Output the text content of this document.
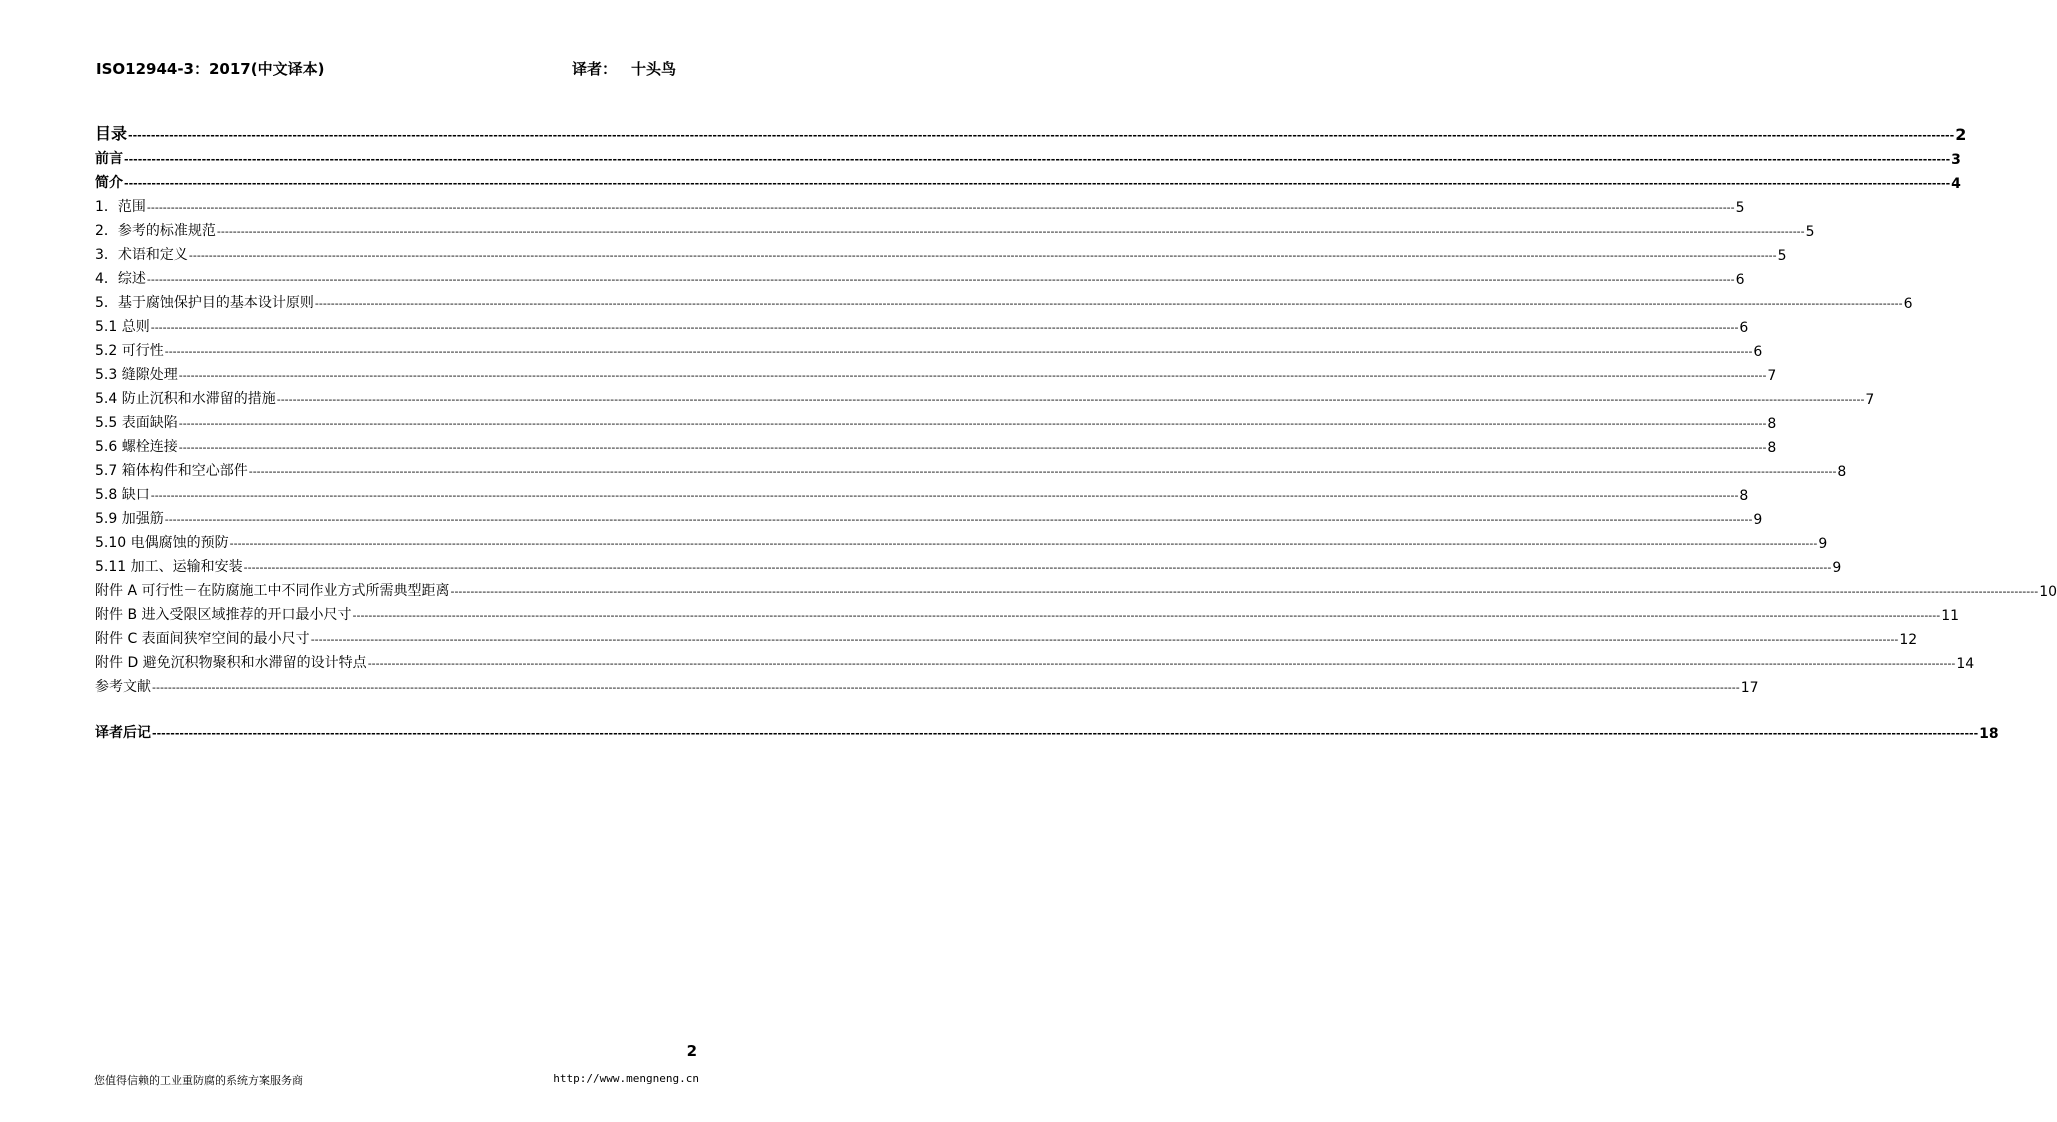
ISO12944-3：2017(中文译本)	译者： 十头鸟
目录 ---------------------------------------------------------------------------------------------------------------------------------------------------------------------------------------------------------------------------------------------------------------------------------------------------------------------------------------------------------------------------------------------------------------- 2
前言 ---------------------------------------------------------------------------------------------------------------------------------------------------------------------------------------------------------------------------------------------------------------------------------------------------------------------------------------------------------------------------------------------------------------- 3
简介 ---------------------------------------------------------------------------------------------------------------------------------------------------------------------------------------------------------------------------------------------------------------------------------------------------------------------------------------------------------------------------------------------------------------- 4
1．范围 ---------------------------------------------------------------------------------------------------------------------------------------------------------------------------------------------------------------------------------------------------------------------------------------------------------------------------------------------------------------------------------------------------------------- 5
2．参考的标准规范 ---------------------------------------------------------------------------------------------------------------------------------------------------------------------------------------------------------------------------------------------------------------------------------------------------------------------------------------------------------------------------------------------------------------- 5
3．术语和定义 ---------------------------------------------------------------------------------------------------------------------------------------------------------------------------------------------------------------------------------------------------------------------------------------------------------------------------------------------------------------------------------------------------------------- 5
4．综述 ---------------------------------------------------------------------------------------------------------------------------------------------------------------------------------------------------------------------------------------------------------------------------------------------------------------------------------------------------------------------------------------------------------------- 6
5．基于腐蚀保护目的基本设计原则 ---------------------------------------------------------------------------------------------------------------------------------------------------------------------------------------------------------------------------------------------------------------------------------------------------------------------------------------------------------------------------------------------------------------- 6
5.1 总则 ---------------------------------------------------------------------------------------------------------------------------------------------------------------------------------------------------------------------------------------------------------------------------------------------------------------------------------------------------------------------------------------------------------------- 6
5.2 可行性 ---------------------------------------------------------------------------------------------------------------------------------------------------------------------------------------------------------------------------------------------------------------------------------------------------------------------------------------------------------------------------------------------------------------- 6
5.3 缝隙处理 ---------------------------------------------------------------------------------------------------------------------------------------------------------------------------------------------------------------------------------------------------------------------------------------------------------------------------------------------------------------------------------------------------------------- 7
5.4 防止沉积和水滞留的措施 ---------------------------------------------------------------------------------------------------------------------------------------------------------------------------------------------------------------------------------------------------------------------------------------------------------------------------------------------------------------------------------------------------------------- 7
5.5 表面缺陷 ---------------------------------------------------------------------------------------------------------------------------------------------------------------------------------------------------------------------------------------------------------------------------------------------------------------------------------------------------------------------------------------------------------------- 8
5.6 螺栓连接 ---------------------------------------------------------------------------------------------------------------------------------------------------------------------------------------------------------------------------------------------------------------------------------------------------------------------------------------------------------------------------------------------------------------- 8
5.7 箱体构件和空心部件 ---------------------------------------------------------------------------------------------------------------------------------------------------------------------------------------------------------------------------------------------------------------------------------------------------------------------------------------------------------------------------------------------------------------- 8
5.8 缺口 ---------------------------------------------------------------------------------------------------------------------------------------------------------------------------------------------------------------------------------------------------------------------------------------------------------------------------------------------------------------------------------------------------------------- 8
5.9 加强筋 ---------------------------------------------------------------------------------------------------------------------------------------------------------------------------------------------------------------------------------------------------------------------------------------------------------------------------------------------------------------------------------------------------------------- 9
5.10 电偶腐蚀的预防 ---------------------------------------------------------------------------------------------------------------------------------------------------------------------------------------------------------------------------------------------------------------------------------------------------------------------------------------------------------------------------------------------------------------- 9
5.11 加工、运输和安装 ---------------------------------------------------------------------------------------------------------------------------------------------------------------------------------------------------------------------------------------------------------------------------------------------------------------------------------------------------------------------------------------------------------------- 9
附件 A 可行性－在防腐施工中不同作业方式所需典型距离 ---------------------------------------------------------------------------------------------------------------------------------------------------------------------------------------------------------------------------------------------------------------------------------------------------------------------------------------------------------------------------------------------------------------- 10
附件 B 进入受限区域推荐的开口最小尺寸 ---------------------------------------------------------------------------------------------------------------------------------------------------------------------------------------------------------------------------------------------------------------------------------------------------------------------------------------------------------------------------------------------------------------- 11
附件 C 表面间狭窄空间的最小尺寸 ---------------------------------------------------------------------------------------------------------------------------------------------------------------------------------------------------------------------------------------------------------------------------------------------------------------------------------------------------------------------------------------------------------------- 12
附件 D 避免沉积物聚积和水滞留的设计特点 ---------------------------------------------------------------------------------------------------------------------------------------------------------------------------------------------------------------------------------------------------------------------------------------------------------------------------------------------------------------------------------------------------------------- 14
参考文献 ---------------------------------------------------------------------------------------------------------------------------------------------------------------------------------------------------------------------------------------------------------------------------------------------------------------------------------------------------------------------------------------------------------------- 17
译者后记 ---------------------------------------------------------------------------------------------------------------------------------------------------------------------------------------------------------------------------------------------------------------------------------------------------------------------------------------------------------------------------------------------------------------- 18
2
您值得信赖的工业重防腐的系统方案服务商	http://www.mengneng.cn
